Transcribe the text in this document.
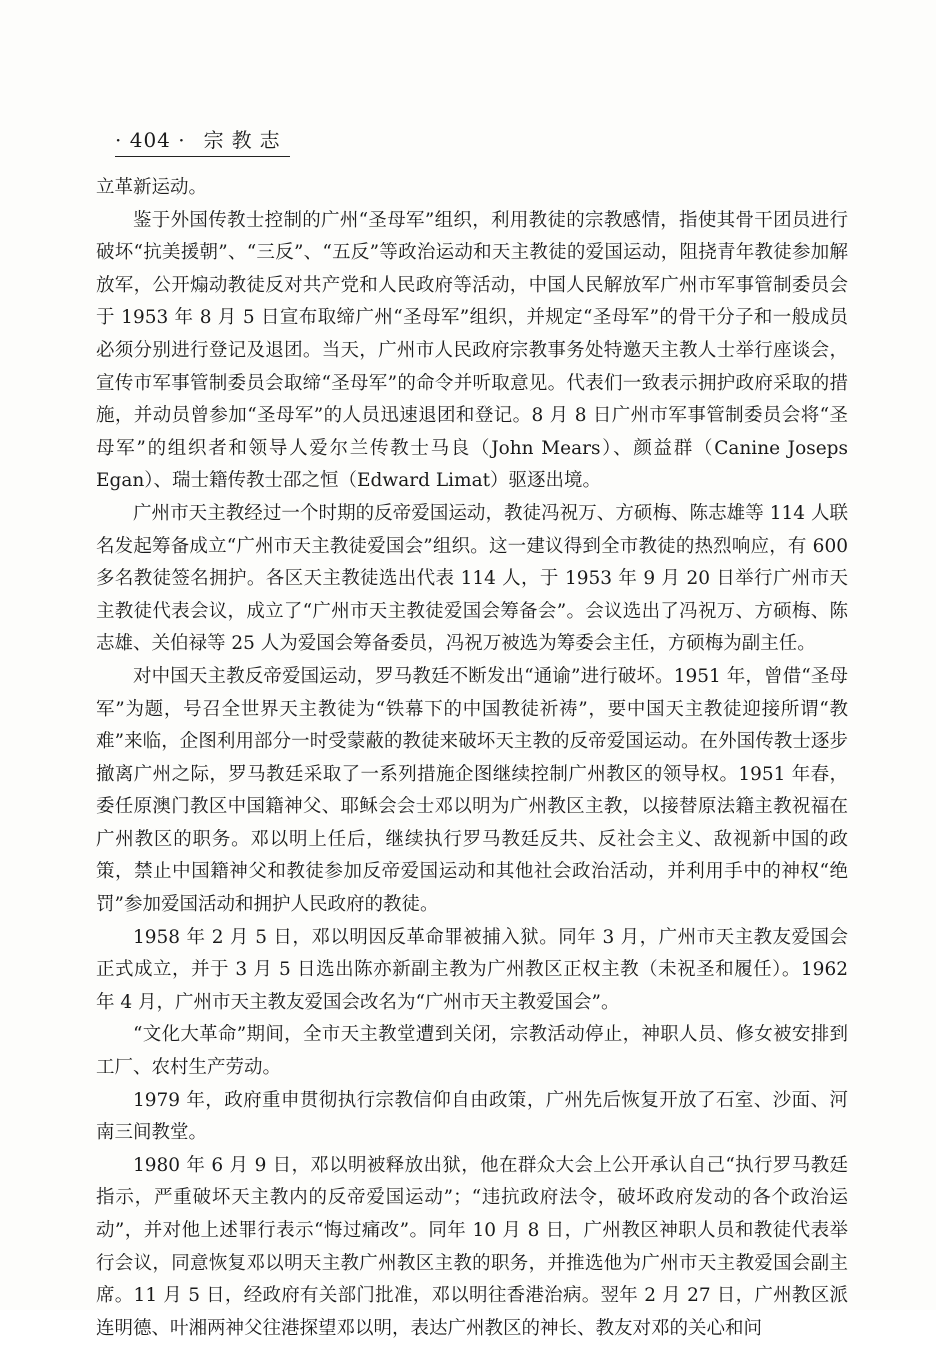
· 404 · 宗教志

立革新运动。

鉴于外国传教士控制的广州“圣母军”组织，利用教徒的宗教感情，指使其骨干团员进行破坏“抗美援朝”、“三反”、“五反”等政治运动和天主教徒的爱国运动，阻挠青年教徒参加解放军，公开煽动教徒反对共产党和人民政府等活动，中国人民解放军广州市军事管制委员会于 1953 年 8 月 5 日宣布取缔广州“圣母军”组织，并规定“圣母军”的骨干分子和一般成员必须分别进行登记及退团。当天，广州市人民政府宗教事务处特邀天主教人士举行座谈会，宣传市军事管制委员会取缔“圣母军”的命令并听取意见。代表们一致表示拥护政府采取的措施，并动员曾参加“圣母军”的人员迅速退团和登记。8 月 8 日广州市军事管制委员会将“圣母军”的组织者和领导人爱尔兰传教士马良（John Mears）、颜益群（Canine Joseps Egan）、瑞士籍传教士邵之恒（Edward Limat）驱逐出境。

广州市天主教经过一个时期的反帝爱国运动，教徒冯祝万、方硕梅、陈志雄等 114 人联名发起筹备成立“广州市天主教徒爱国会”组织。这一建议得到全市教徒的热烈响应，有 600 多名教徒签名拥护。各区天主教徒选出代表 114 人，于 1953 年 9 月 20 日举行广州市天主教徒代表会议，成立了“广州市天主教徒爱国会筹备会”。会议选出了冯祝万、方硕梅、陈志雄、关伯禄等 25 人为爱国会筹备委员，冯祝万被选为筹委会主任，方硕梅为副主任。

对中国天主教反帝爱国运动，罗马教廷不断发出“通谕”进行破坏。1951 年，曾借“圣母军”为题，号召全世界天主教徒为“铁幕下的中国教徒祈祷”，要中国天主教徒迎接所谓“教难”来临，企图利用部分一时受蒙蔽的教徒来破坏天主教的反帝爱国运动。在外国传教士逐步撤离广州之际，罗马教廷采取了一系列措施企图继续控制广州教区的领导权。1951 年春，委任原澳门教区中国籍神父、耶稣会会士邓以明为广州教区主教，以接替原法籍主教祝福在广州教区的职务。邓以明上任后，继续执行罗马教廷反共、反社会主义、敌视新中国的政策，禁止中国籍神父和教徒参加反帝爱国运动和其他社会政治活动，并利用手中的神权“绝罚”参加爱国活动和拥护人民政府的教徒。

1958 年 2 月 5 日，邓以明因反革命罪被捕入狱。同年 3 月，广州市天主教友爱国会正式成立，并于 3 月 5 日选出陈亦新副主教为广州教区正权主教（未祝圣和履任）。1962 年 4 月，广州市天主教友爱国会改名为“广州市天主教爱国会”。

“文化大革命”期间，全市天主教堂遭到关闭，宗教活动停止，神职人员、修女被安排到工厂、农村生产劳动。

1979 年，政府重申贯彻执行宗教信仰自由政策，广州先后恢复开放了石室、沙面、河南三间教堂。

1980 年 6 月 9 日，邓以明被释放出狱，他在群众大会上公开承认自己“执行罗马教廷指示，严重破坏天主教内的反帝爱国运动”；“违抗政府法令，破坏政府发动的各个政治运动”，并对他上述罪行表示“悔过痛改”。同年 10 月 8 日，广州教区神职人员和教徒代表举行会议，同意恢复邓以明天主教广州教区主教的职务，并推选他为广州市天主教爱国会副主席。11 月 5 日，经政府有关部门批准，邓以明往香港治病。翌年 2 月 27 日，广州教区派连明德、叶湘两神父往港探望邓以明，表达广州教区的神长、教友对邓的关心和问
